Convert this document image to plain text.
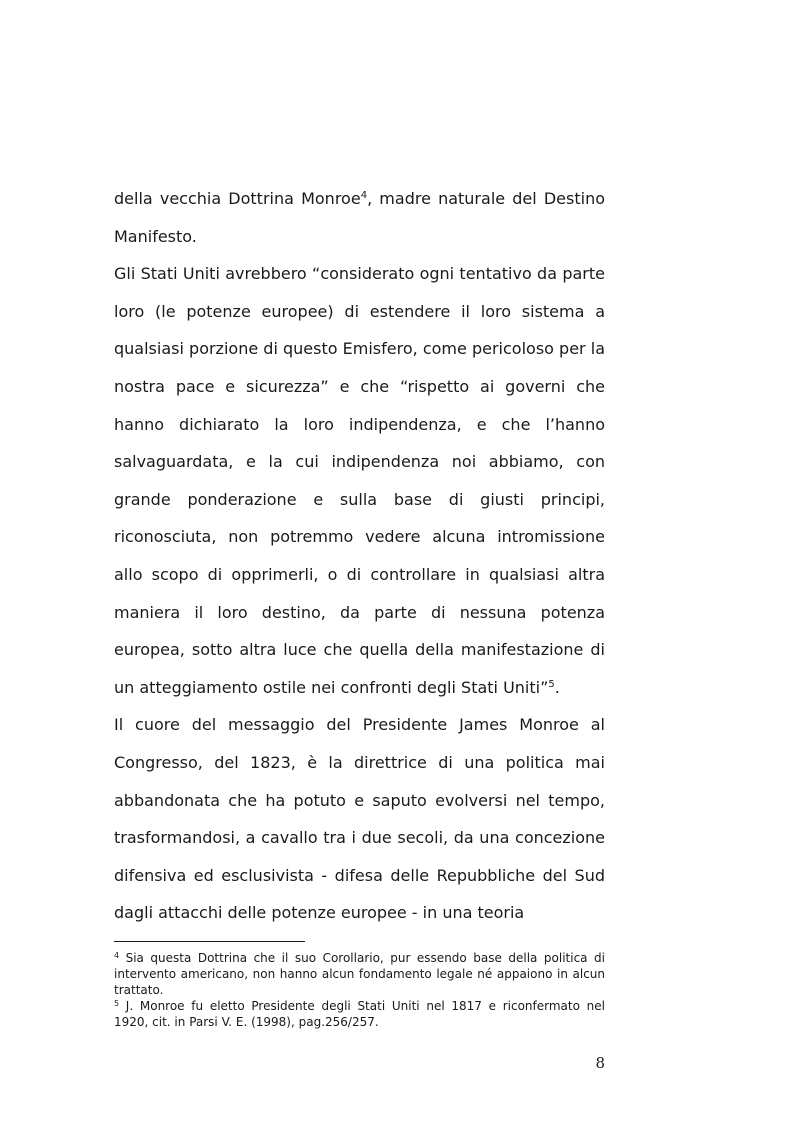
della vecchia Dottrina Monroe$^4$, madre naturale del Destino Manifesto.

Gli Stati Uniti avrebbero “considerato ogni tentativo da parte loro (le potenze europee) di estendere il loro sistema a qualsiasi porzione di questo Emisfero, come pericoloso per la nostra pace e sicurezza” e che “rispetto ai governi che hanno dichiarato la loro indipendenza, e che l’hanno salvaguardata, e la cui indipendenza noi abbiamo, con grande ponderazione e sulla base di giusti principi, riconosciuta, non potremmo vedere alcuna intromissione allo scopo di opprimerli, o di controllare in qualsiasi altra maniera il loro destino, da parte di nessuna potenza europea, sotto altra luce che quella della manifestazione di un atteggiamento ostile nei confronti degli Stati Uniti”$^5$.

Il cuore del messaggio del Presidente James Monroe al Congresso, del 1823, è la direttrice di una politica mai abbandonata che ha potuto e saputo evolversi nel tempo, trasformandosi, a cavallo tra i due secoli, da una concezione difensiva ed esclusivista - difesa delle Repubbliche del Sud dagli attacchi delle potenze europee - in una teoria

$^4$ Sia questa Dottrina che il suo Corollario, pur essendo base della politica di intervento americano, non hanno alcun fondamento legale né appaiono in alcun trattato.

$^5$ J. Monroe fu eletto Presidente degli Stati Uniti nel 1817 e riconfermato nel 1920, cit. in Parsi V. E. (1998), pag.256/257.

8
